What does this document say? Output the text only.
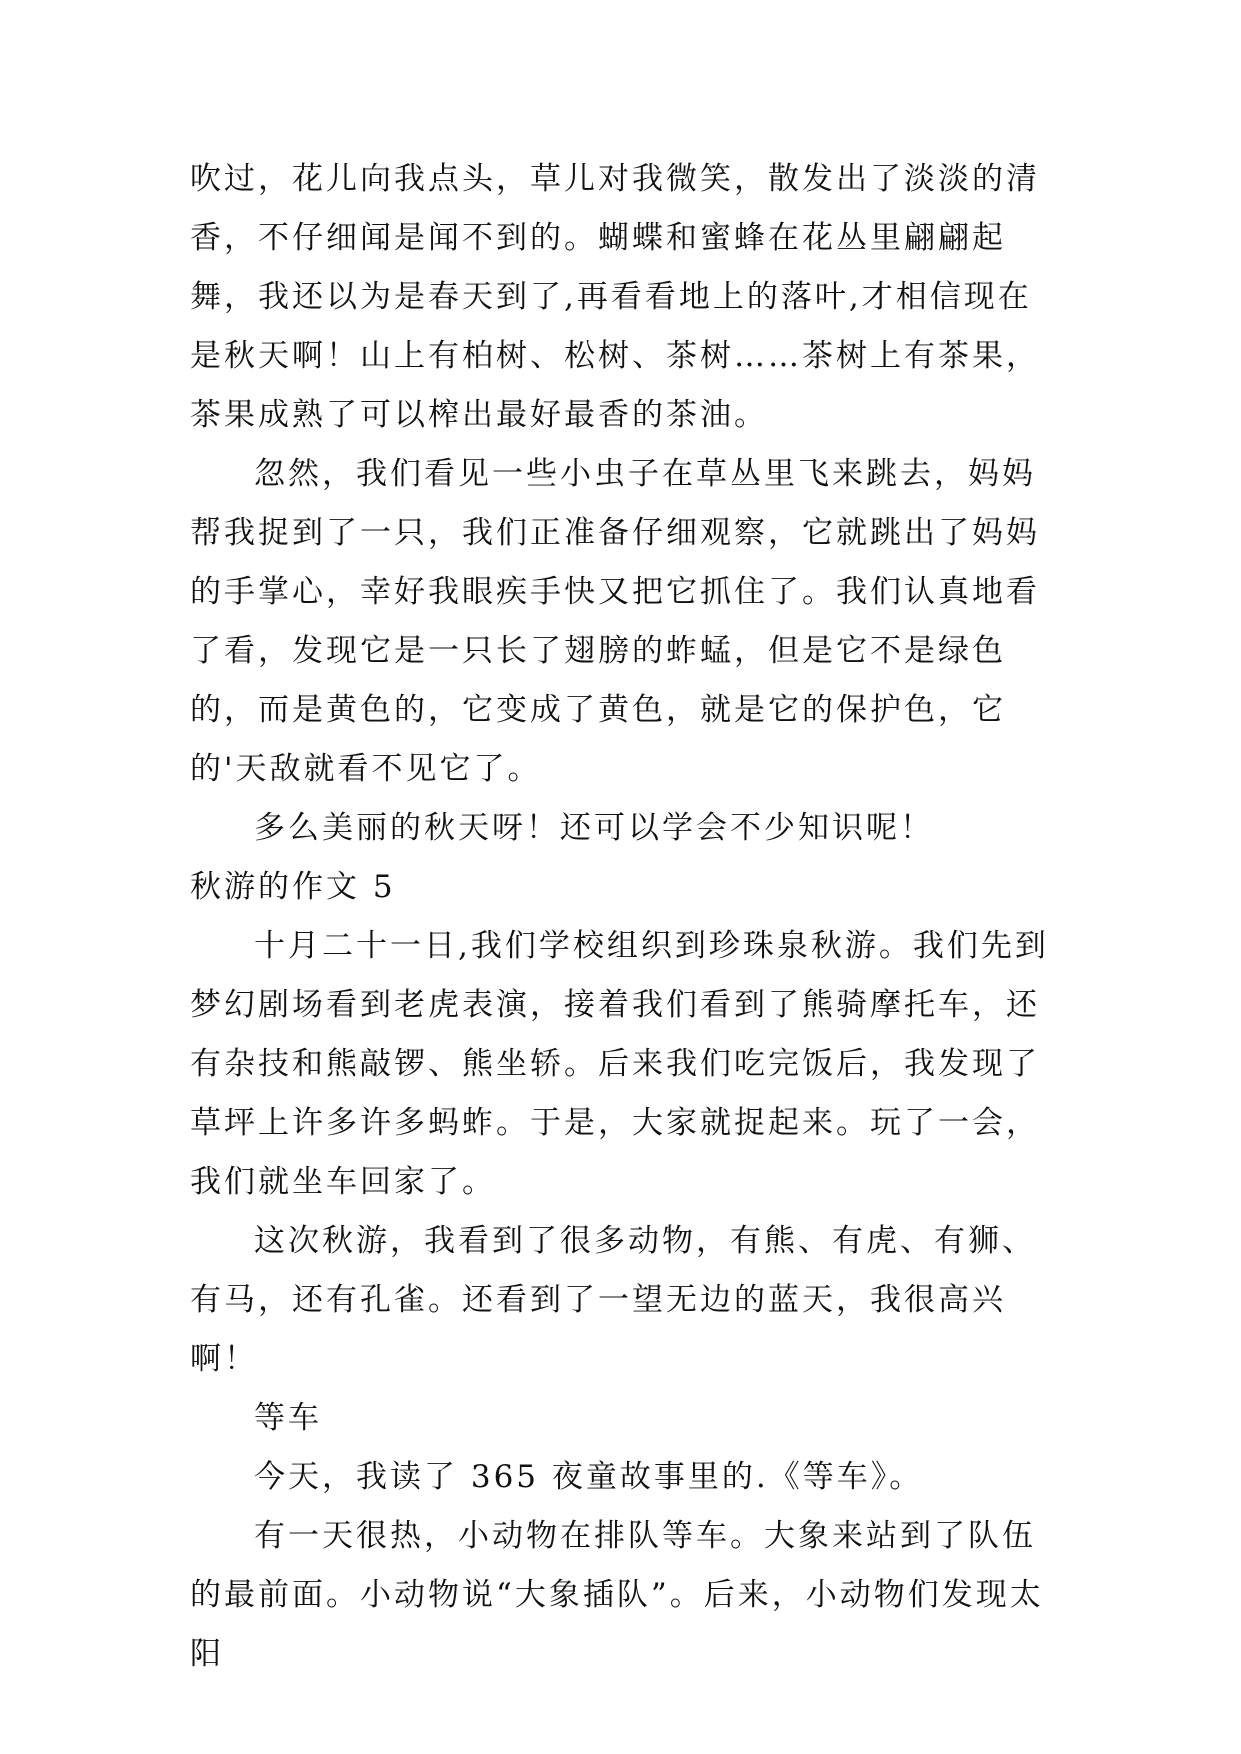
吹过，花儿向我点头，草儿对我微笑，散发出了淡淡的清香，不仔细闻是闻不到的。蝴蝶和蜜蜂在花丛里翩翩起舞，我还以为是春天到了,再看看地上的落叶,才相信现在是秋天啊！山上有柏树、松树、茶树……茶树上有茶果，茶果成熟了可以榨出最好最香的茶油。

忽然，我们看见一些小虫子在草丛里飞来跳去，妈妈帮我捉到了一只，我们正准备仔细观察，它就跳出了妈妈的手掌心，幸好我眼疾手快又把它抓住了。我们认真地看了看，发现它是一只长了翅膀的蚱蜢，但是它不是绿色的，而是黄色的，它变成了黄色，就是它的保护色，它的'天敌就看不见它了。

多么美丽的秋天呀！还可以学会不少知识呢！

秋游的作文 5

十月二十一日,我们学校组织到珍珠泉秋游。我们先到梦幻剧场看到老虎表演，接着我们看到了熊骑摩托车，还有杂技和熊敲锣、熊坐轿。后来我们吃完饭后，我发现了草坪上许多许多蚂蚱。于是，大家就捉起来。玩了一会，我们就坐车回家了。

这次秋游，我看到了很多动物，有熊、有虎、有狮、有马，还有孔雀。还看到了一望无边的蓝天，我很高兴啊！

等车

今天，我读了 365 夜童故事里的.《等车》。

有一天很热，小动物在排队等车。大象来站到了队伍的最前面。小动物说“大象插队”。后来，小动物们发现太阳
